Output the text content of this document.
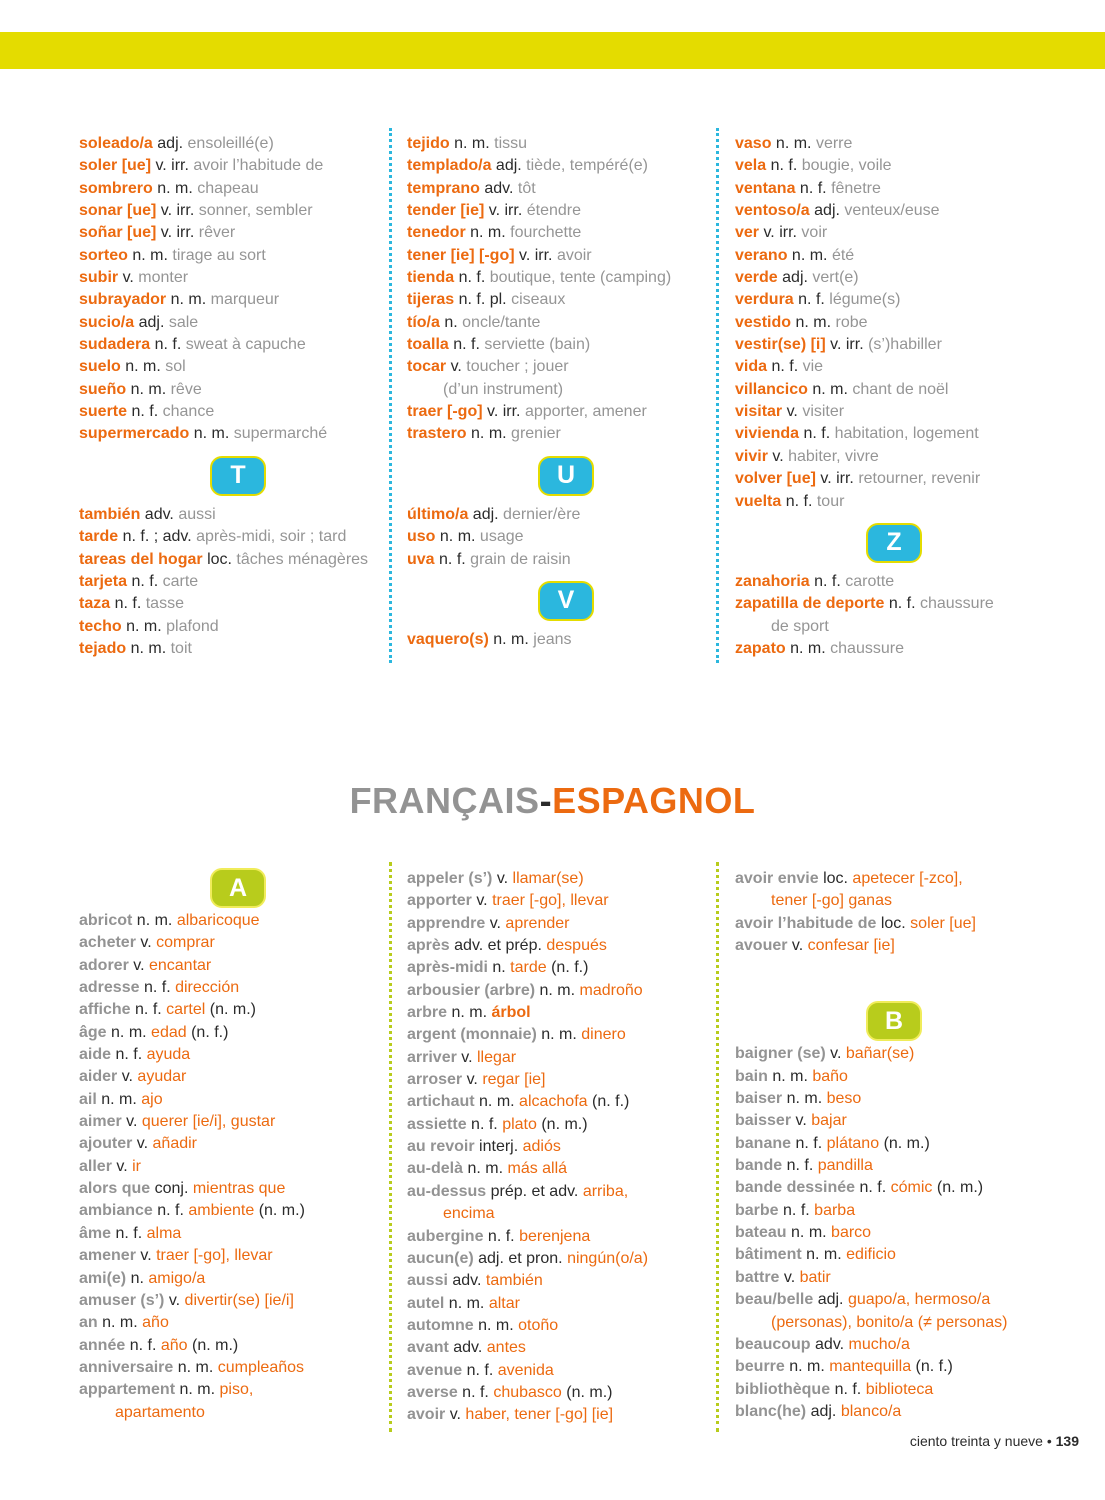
soleado/a adj. ensoleillé(e)
soler [ue] v. irr. avoir l’habitude de
sombrero n. m. chapeau
sonar [ue] v. irr. sonner, sembler
soñar [ue] v. irr. rêver
sorteo n. m. tirage au sort
subir v. monter
subrayador n. m. marqueur
sucio/a adj. sale
sudadera n. f. sweat à capuche
suelo n. m. sol
sueño n. m. rêve
suerte n. f. chance
supermercado n. m. supermarché
T
también adv. aussi
tarde n. f. ; adv. après-midi, soir ; tard
tareas del hogar loc. tâches ménagères
tarjeta n. f. carte
taza n. f. tasse
techo n. m. plafond
tejado n. m. toit
tejido n. m. tissu
templado/a adj. tiède, tempéré(e)
temprano adv. tôt
tender [ie] v. irr. étendre
tenedor n. m. fourchette
tener [ie] [-go] v. irr. avoir
tienda n. f. boutique, tente (camping)
tijeras n. f. pl. ciseaux
tío/a n. oncle/tante
toalla n. f. serviette (bain)
tocar v. toucher ; jouer
(d’un instrument)
traer [-go] v. irr. apporter, amener
trastero n. m. grenier
U
último/a adj. dernier/ère
uso n. m. usage
uva n. f. grain de raisin
V
vaquero(s) n. m. jeans
vaso n. m. verre
vela n. f. bougie, voile
ventana n. f. fênetre
ventoso/a adj. venteux/euse
ver v. irr. voir
verano n. m. été
verde adj. vert(e)
verdura n. f. légume(s)
vestido n. m. robe
vestir(se) [i] v. irr. (s’)habiller
vida n. f. vie
villancico n. m. chant de noël
visitar v. visiter
vivienda n. f. habitation, logement
vivir v. habiter, vivre
volver [ue] v. irr. retourner, revenir
vuelta n. f. tour
Z
zanahoria n. f. carotte
zapatilla de deporte n. f. chaussure
de sport
zapato n. m. chaussure
FRANÇAIS-ESPAGNOL
A
abricot n. m. albaricoque
acheter v. comprar
adorer v. encantar
adresse n. f. dirección
affiche n. f. cartel (n. m.)
âge n. m. edad (n. f.)
aide n. f. ayuda
aider v. ayudar
ail n. m. ajo
aimer v. querer [ie/i], gustar
ajouter v. añadir
aller v. ir
alors que conj. mientras que
ambiance n. f. ambiente (n. m.)
âme n. f. alma
amener v. traer [-go], llevar
ami(e) n. amigo/a
amuser (s’) v. divertir(se) [ie/i]
an n. m. año
année n. f. año (n. m.)
anniversaire n. m. cumpleaños
appartement n. m. piso,
apartamento
appeler (s’) v. llamar(se)
apporter v. traer [-go], llevar
apprendre v. aprender
après adv. et prép. después
après-midi n. tarde (n. f.)
arbousier (arbre) n. m. madroño
arbre n. m. árbol
argent (monnaie) n. m. dinero
arriver v. llegar
arroser v. regar [ie]
artichaut n. m. alcachofa (n. f.)
assiette n. f. plato (n. m.)
au revoir interj. adiós
au-delà n. m. más allá
au-dessus prép. et adv. arriba,
encima
aubergine n. f. berenjena
aucun(e) adj. et pron. ningún(o/a)
aussi adv. también
autel n. m. altar
automne n. m. otoño
avant adv. antes
avenue n. f. avenida
averse n. f. chubasco (n. m.)
avoir v. haber, tener [-go] [ie]
avoir envie loc. apetecer [-zco],
tener [-go] ganas
avoir l’habitude de loc. soler [ue]
avouer v. confesar [ie]
B
baigner (se) v. bañar(se)
bain n. m. baño
baiser n. m. beso
baisser v. bajar
banane n. f. plátano (n. m.)
bande n. f. pandilla
bande dessinée n. f. cómic (n. m.)
barbe n. f. barba
bateau n. m. barco
bâtiment n. m. edificio
battre v. batir
beau/belle adj. guapo/a, hermoso/a
(personas), bonito/a (≠ personas)
beaucoup adv. mucho/a
beurre n. m. mantequilla (n. f.)
bibliothèque n. f. biblioteca
blanc(he) adj. blanco/a
ciento treinta y nueve • 139
